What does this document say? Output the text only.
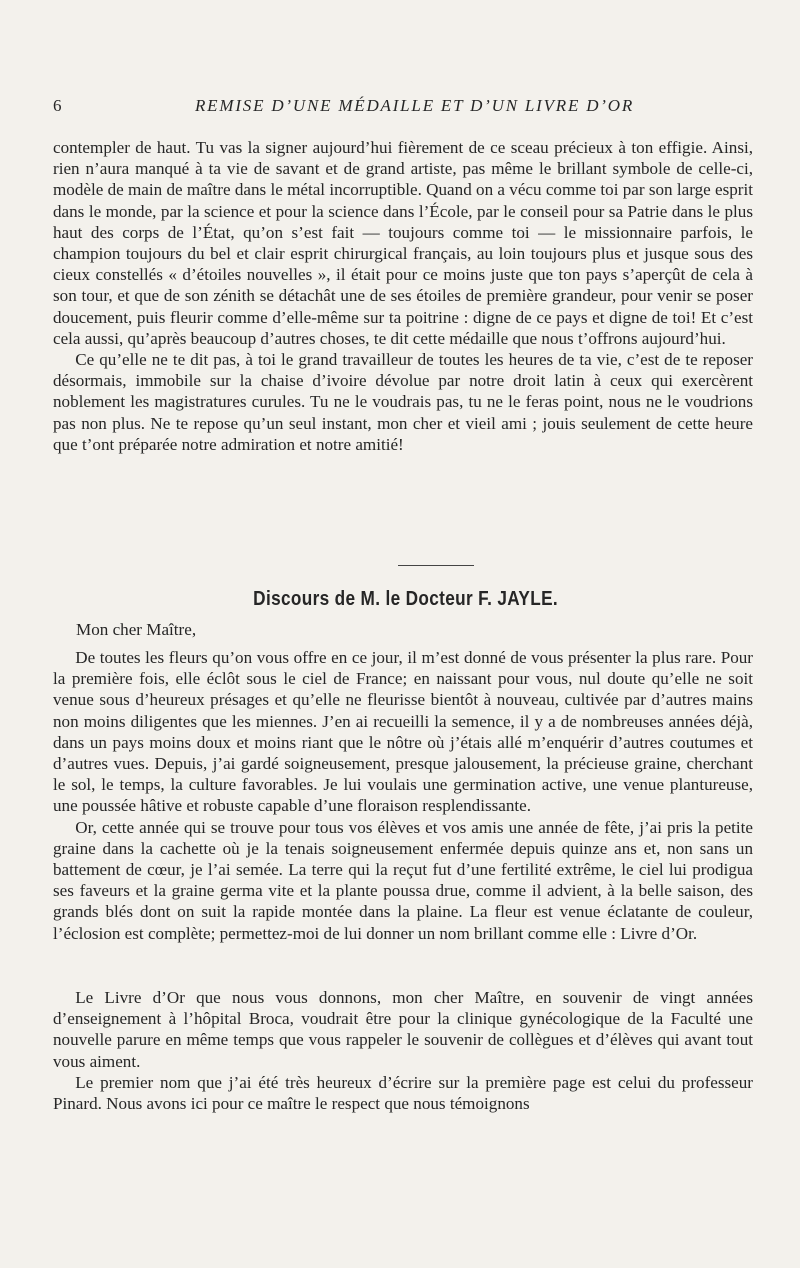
6	REMISE D’UNE MÉDAILLE ET D’UN LIVRE D’OR

contempler de haut. Tu vas la signer aujourd’hui fièrement de ce sceau précieux à ton effigie. Ainsi, rien n’aura manqué à ta vie de savant et de grand artiste, pas même le brillant symbole de celle-ci, modèle de main de maître dans le métal incorruptible. Quand on a vécu comme toi par son large esprit dans le monde, par la science et pour la science dans l’École, par le conseil pour sa Patrie dans le plus haut des corps de l’État, qu’on s’est fait — toujours comme toi — le missionnaire parfois, le champion toujours du bel et clair esprit chirurgical français, au loin toujours plus et jusque sous des cieux constellés « d’étoiles nouvelles », il était pour ce moins juste que ton pays s’aperçût de cela à son tour, et que de son zénith se détachât une de ses étoiles de première grandeur, pour venir se poser doucement, puis fleurir comme d’elle-même sur ta poitrine : digne de ce pays et digne de toi! Et c’est cela aussi, qu’après beaucoup d’autres choses, te dit cette médaille que nous t’offrons aujourd’hui.

Ce qu’elle ne te dit pas, à toi le grand travailleur de toutes les heures de ta vie, c’est de te reposer désormais, immobile sur la chaise d’ivoire dévolue par notre droit latin à ceux qui exercèrent noblement les magistratures curules. Tu ne le voudrais pas, tu ne le feras point, nous ne le voudrions pas non plus. Ne te repose qu’un seul instant, mon cher et vieil ami ; jouis seulement de cette heure que t’ont préparée notre admiration et notre amitié!

Discours de M. le Docteur F. JAYLE.
Mon cher Maître,

De toutes les fleurs qu’on vous offre en ce jour, il m’est donné de vous présenter la plus rare. Pour la première fois, elle éclôt sous le ciel de France; en naissant pour vous, nul doute qu’elle ne soit venue sous d’heureux présages et qu’elle ne fleurisse bientôt à nouveau, cultivée par d’autres mains non moins diligentes que les miennes. J’en ai recueilli la semence, il y a de nombreuses années déjà, dans un pays moins doux et moins riant que le nôtre où j’étais allé m’enquérir d’autres coutumes et d’autres vues. Depuis, j’ai gardé soigneusement, presque jalousement, la précieuse graine, cherchant le sol, le temps, la culture favorables. Je lui voulais une germination active, une venue plantureuse, une poussée hâtive et robuste capable d’une floraison resplendissante.

Or, cette année qui se trouve pour tous vos élèves et vos amis une année de fête, j’ai pris la petite graine dans la cachette où je la tenais soigneusement enfermée depuis quinze ans et, non sans un battement de cœur, je l’ai semée. La terre qui la reçut fut d’une fertilité extrême, le ciel lui prodigua ses faveurs et la graine germa vite et la plante poussa drue, comme il advient, à la belle saison, des grands blés dont on suit la rapide montée dans la plaine. La fleur est venue éclatante de couleur, l’éclosion est complète; permettez-moi de lui donner un nom brillant comme elle : Livre d’Or.

Le Livre d’Or que nous vous donnons, mon cher Maître, en souvenir de vingt années d’enseignement à l’hôpital Broca, voudrait être pour la clinique gynécologique de la Faculté une nouvelle parure en même temps que vous rappeler le souvenir de collègues et d’élèves qui avant tout vous aiment.

Le premier nom que j’ai été très heureux d’écrire sur la première page est celui du professeur Pinard. Nous avons ici pour ce maître le respect que nous témoignons
